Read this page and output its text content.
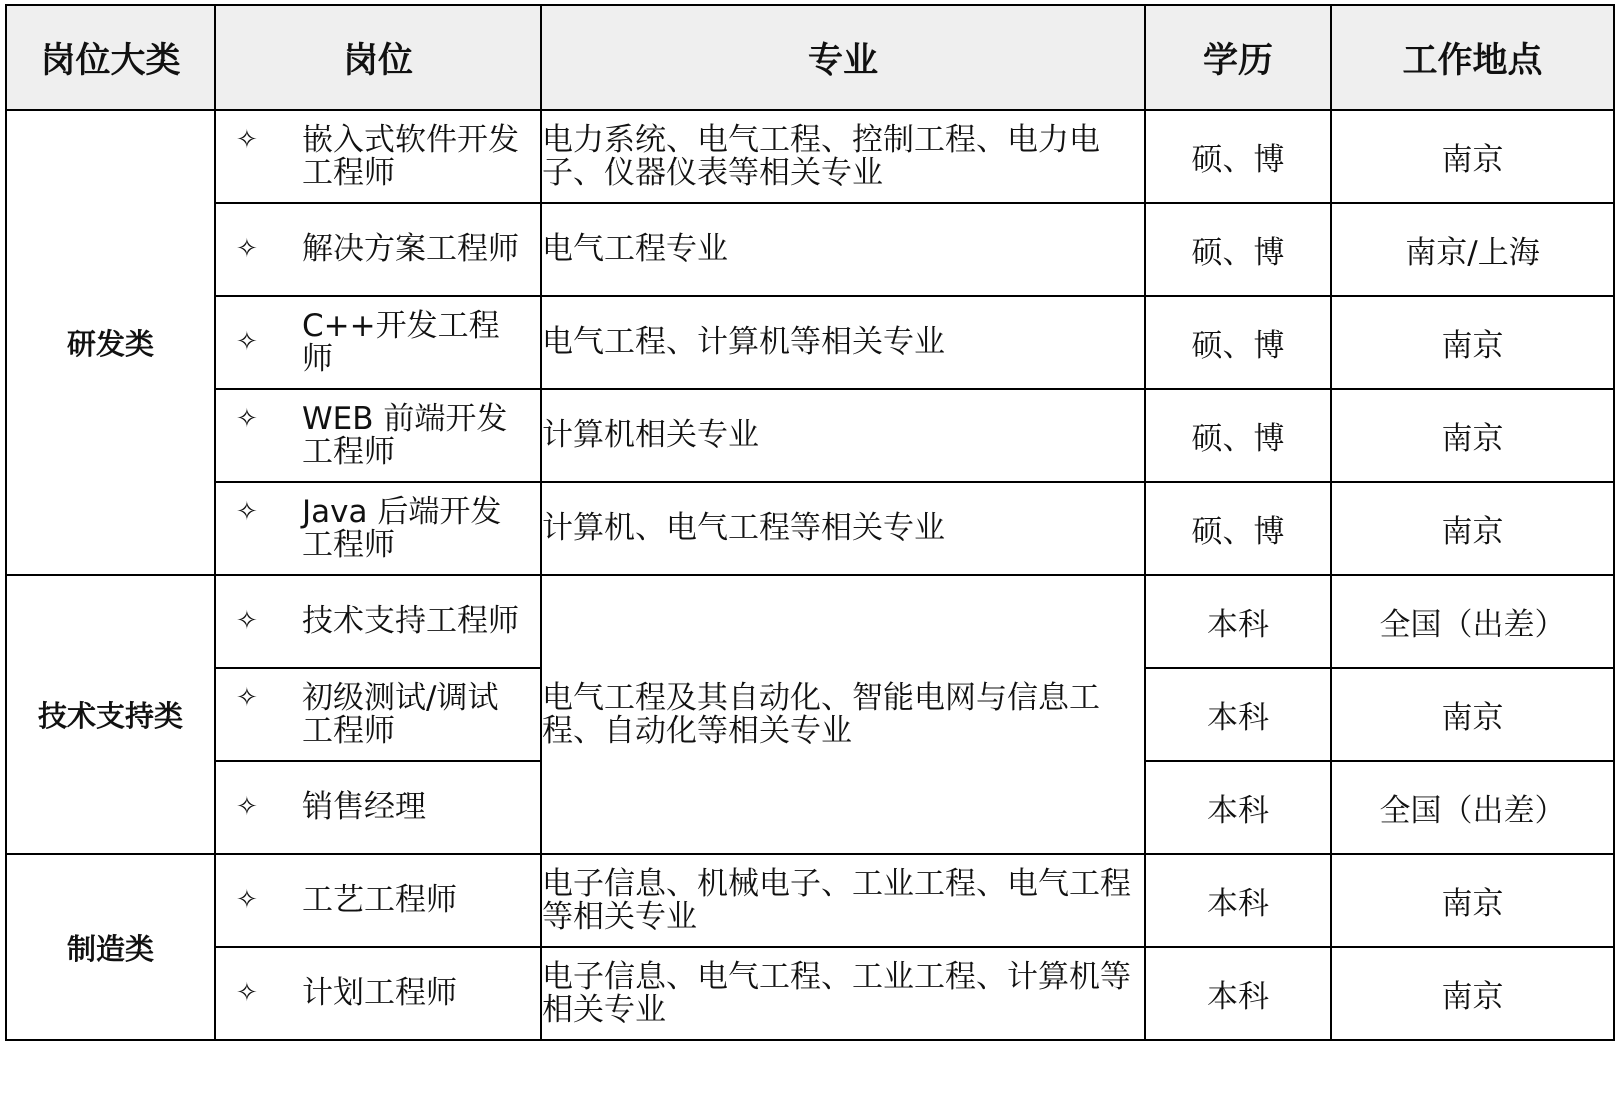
岗位大类	岗位	专业	学历	工作地点
研发类	✧ 嵌入式软件开发工程师	电力系统、电气工程、控制工程、电力电子、仪器仪表等相关专业	硕、博	南京

	✧ 解决方案工程师	电气工程专业	硕、博	南京/上海

	✧ C++开发工程师	电气工程、计算机等相关专业	硕、博	南京

	✧ WEB 前端开发工程师	计算机相关专业	硕、博	南京

	✧ Java 后端开发工程师	计算机、电气工程等相关专业	硕、博	南京
技术支持类	✧ 技术支持工程师	电气工程及其自动化、智能电网与信息工程、自动化等相关专业	本科	全国（出差）

	✧ 初级测试/调试工程师		本科	南京

	✧ 销售经理		本科	全国（出差）
制造类	✧ 工艺工程师	电子信息、机械电子、工业工程、电气工程等相关专业	本科	南京

	✧ 计划工程师	电子信息、电气工程、工业工程、计算机等相关专业	本科	南京
